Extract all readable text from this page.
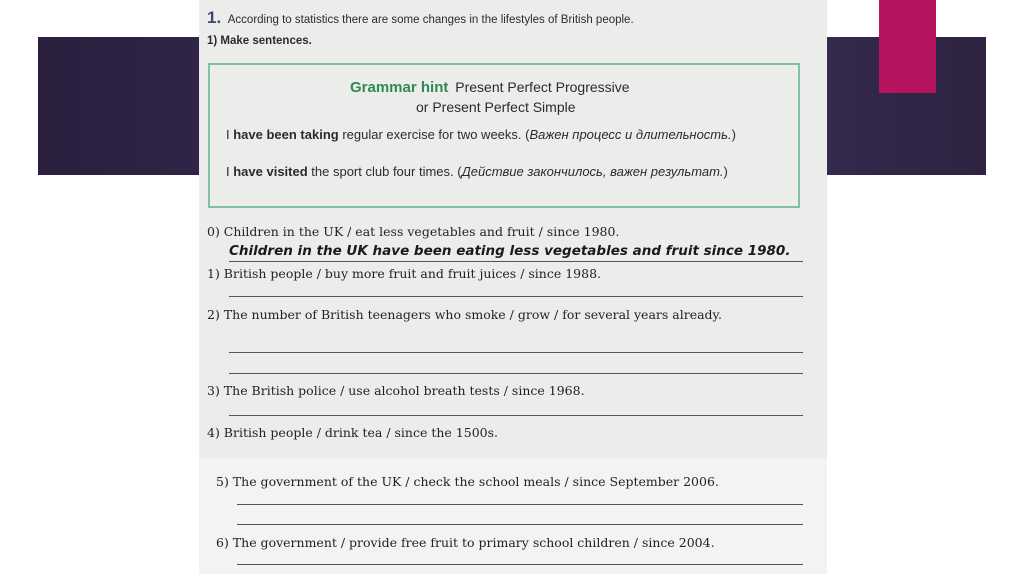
1. According to statistics there are some changes in the lifestyles of British people.
1) Make sentences.
Grammar hint Present Perfect Progressive
or Present Perfect Simple
I have been taking regular exercise for two weeks. (Важен процесс и длительность.)
I have visited the sport club four times. (Действие закончилось, важен результат.)
0) Children in the UK / eat less vegetables and fruit / since 1980.
Children in the UK have been eating less vegetables and fruit since 1980.
1) British people / buy more fruit and fruit juices / since 1988.
2) The number of British teenagers who smoke / grow / for several years already.
3) The British police / use alcohol breath tests / since 1968.
4) British people / drink tea / since the 1500s.
5) The government of the UK / check the school meals / since September 2006.
6) The government / provide free fruit to primary school children / since 2004.
